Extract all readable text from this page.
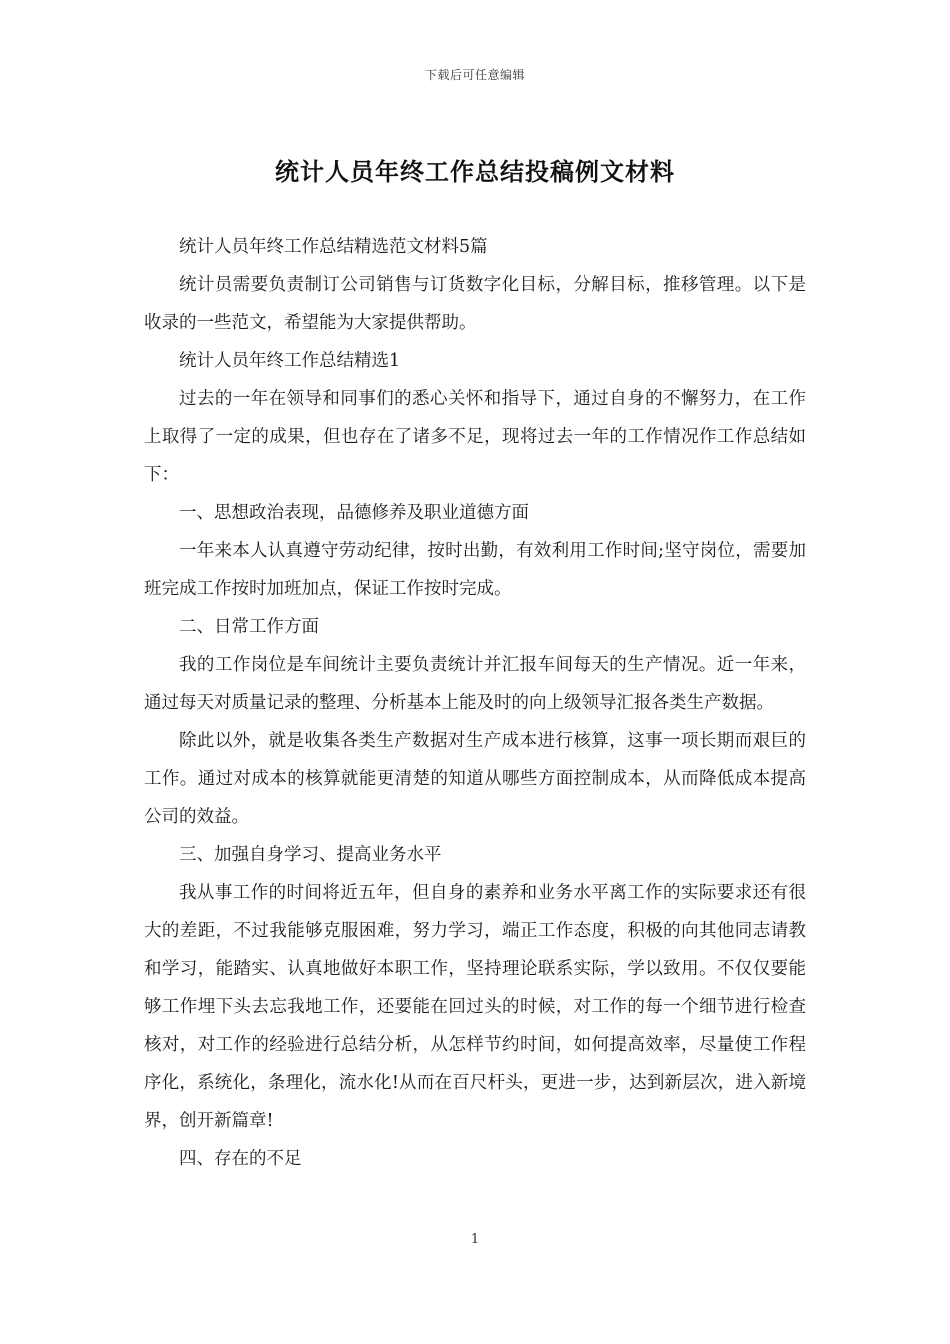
下载后可任意编辑
统计人员年终工作总结投稿例文材料

统计人员年终工作总结精选范文材料5篇

统计员需要负责制订公司销售与订货数字化目标，分解目标，推移管理。以下是收录的一些范文，希望能为大家提供帮助。

统计人员年终工作总结精选1

过去的一年在领导和同事们的悉心关怀和指导下，通过自身的不懈努力，在工作上取得了一定的成果，但也存在了诸多不足，现将过去一年的工作情况作工作总结如下：

一、思想政治表现，品德修养及职业道德方面

一年来本人认真遵守劳动纪律，按时出勤，有效利用工作时间;坚守岗位，需要加班完成工作按时加班加点，保证工作按时完成。

二、日常工作方面

我的工作岗位是车间统计主要负责统计并汇报车间每天的生产情况。近一年来，通过每天对质量记录的整理、分析基本上能及时的向上级领导汇报各类生产数据。

除此以外，就是收集各类生产数据对生产成本进行核算，这事一项长期而艰巨的工作。通过对成本的核算就能更清楚的知道从哪些方面控制成本，从而降低成本提高公司的效益。

三、加强自身学习、提高业务水平

我从事工作的时间将近五年，但自身的素养和业务水平离工作的实际要求还有很大的差距，不过我能够克服困难，努力学习，端正工作态度，积极的向其他同志请教和学习，能踏实、认真地做好本职工作，坚持理论联系实际，学以致用。不仅仅要能够工作埋下头去忘我地工作，还要能在回过头的时候，对工作的每一个细节进行检查核对，对工作的经验进行总结分析，从怎样节约时间，如何提高效率，尽量使工作程序化，系统化，条理化，流水化!从而在百尺杆头，更进一步，达到新层次，进入新境界，创开新篇章!

四、存在的不足

1
